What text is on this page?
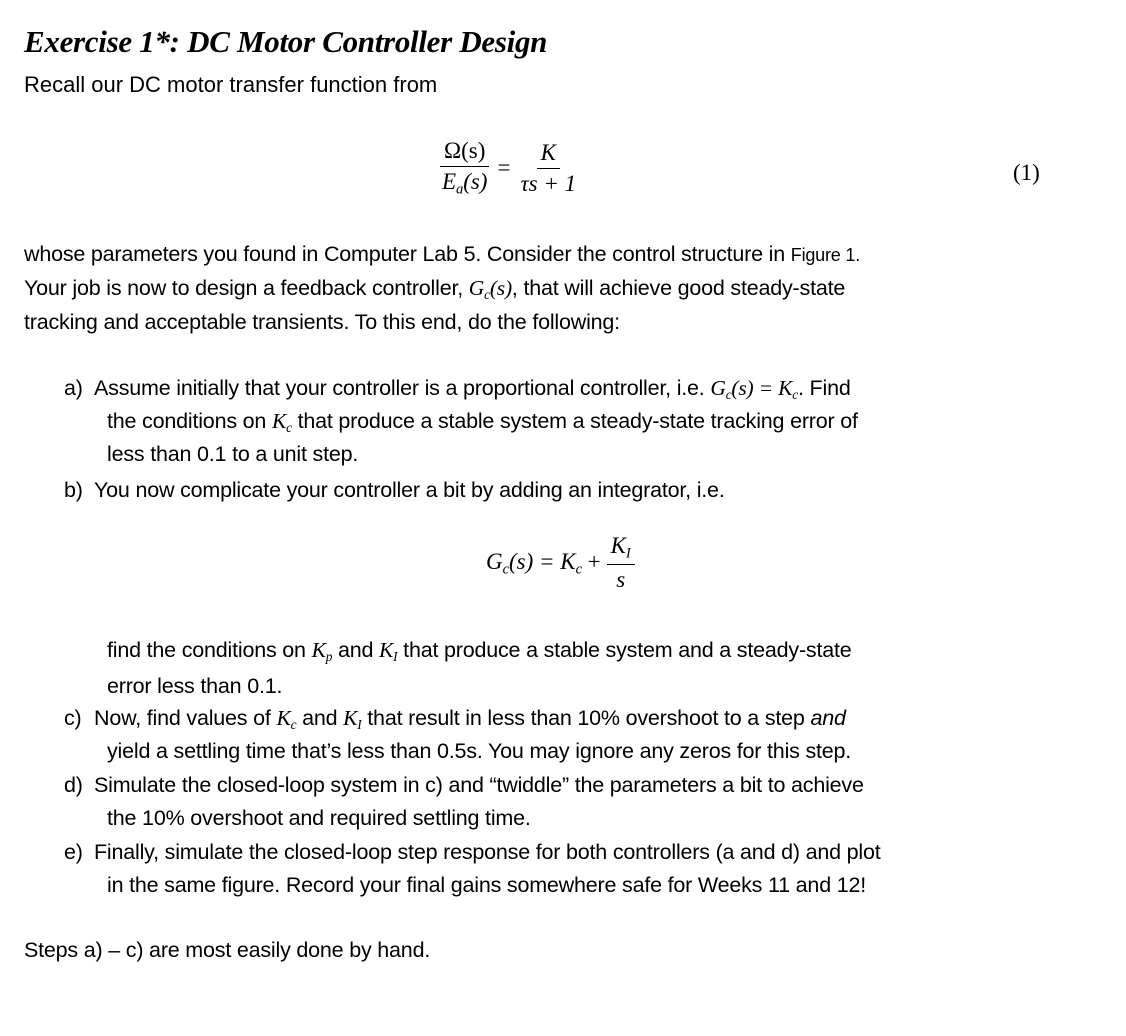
Exercise 1*: DC Motor Controller Design
Recall our DC motor transfer function from
$\frac{\Omega(s)}{E_a(s)} = \frac{K}{\tau s + 1}$	(1)
whose parameters you found in Computer Lab 5. Consider the control structure in Figure 1.
Your job is now to design a feedback controller, $G_c(s)$, that will achieve good steady-state
tracking and acceptable transients. To this end, do the following:
a) Assume initially that your controller is a proportional controller, i.e. $G_c(s) = K_c$. Find
the conditions on $K_c$ that produce a stable system a steady-state tracking error of
less than 0.1 to a unit step.
b) You now complicate your controller a bit by adding an integrator, i.e.
$G_c(s) = K_c + \frac{K_I}{s}$
find the conditions on $K_p$ and $K_I$ that produce a stable system and a steady-state
error less than 0.1.
c) Now, find values of $K_c$ and $K_I$ that result in less than 10% overshoot to a step and
yield a settling time that’s less than 0.5s. You may ignore any zeros for this step.
d) Simulate the closed-loop system in c) and “twiddle” the parameters a bit to achieve
the 10% overshoot and required settling time.
e) Finally, simulate the closed-loop step response for both controllers (a and d) and plot
in the same figure. Record your final gains somewhere safe for Weeks 11 and 12!
Steps a) – c) are most easily done by hand.
